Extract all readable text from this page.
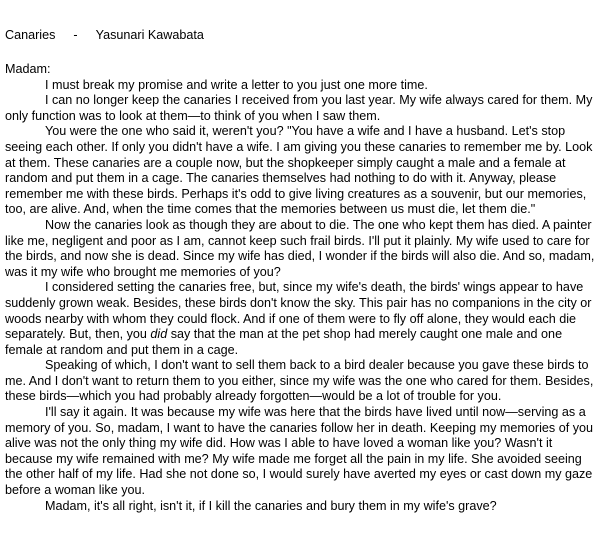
Canaries - Yasunari Kawabata

Madam:

I must break my promise and write a letter to you just one more time.

I can no longer keep the canaries I received from you last year. My wife always cared for them. My only function was to look at them—to think of you when I saw them.

You were the one who said it, weren't you? "You have a wife and I have a husband. Let's stop seeing each other. If only you didn't have a wife. I am giving you these canaries to remember me by. Look at them. These canaries are a couple now, but the shopkeeper simply caught a male and a female at random and put them in a cage. The canaries themselves had nothing to do with it. Anyway, please remember me with these birds. Perhaps it's odd to give living creatures as a souvenir, but our memories, too, are alive. And, when the time comes that the memories between us must die, let them die."

Now the canaries look as though they are about to die. The one who kept them has died. A painter like me, negligent and poor as I am, cannot keep such frail birds. I'll put it plainly. My wife used to care for the birds, and now she is dead. Since my wife has died, I wonder if the birds will also die. And so, madam, was it my wife who brought me memories of you?

I considered setting the canaries free, but, since my wife's death, the birds' wings appear to have suddenly grown weak. Besides, these birds don't know the sky. This pair has no companions in the city or woods nearby with whom they could flock. And if one of them were to fly off alone, they would each die separately. But, then, you did say that the man at the pet shop had merely caught one male and one female at random and put them in a cage.

Speaking of which, I don't want to sell them back to a bird dealer because you gave these birds to me. And I don't want to return them to you either, since my wife was the one who cared for them. Besides, these birds—which you had probably already forgotten—would be a lot of trouble for you.

I'll say it again. It was because my wife was here that the birds have lived until now—serving as a memory of you. So, madam, I want to have the canaries follow her in death. Keeping my memories of you alive was not the only thing my wife did. How was I able to have loved a woman like you? Wasn't it because my wife remained with me? My wife made me forget all the pain in my life. She avoided seeing the other half of my life. Had she not done so, I would surely have averted my eyes or cast down my gaze before a woman like you.

Madam, it's all right, isn't it, if I kill the canaries and bury them in my wife's grave?
